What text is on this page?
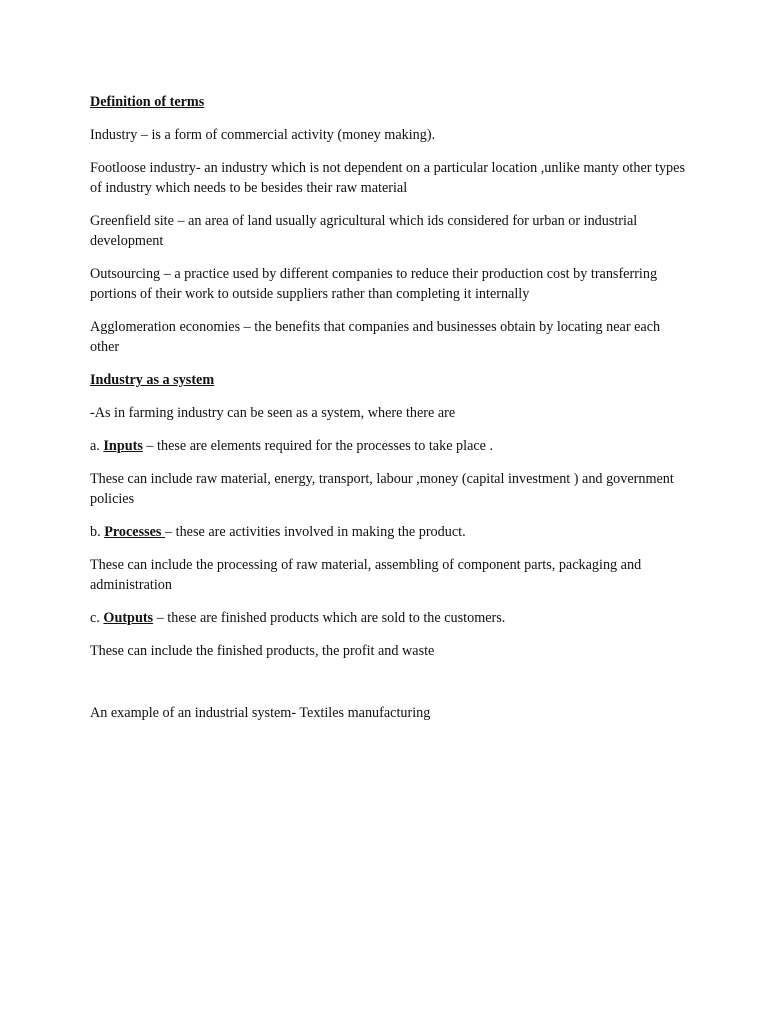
Definition of terms

Industry – is a form of commercial activity (money making).

Footloose industry- an industry which is not dependent on a particular location ,unlike manty other types of industry which needs to be besides their raw material

Greenfield site – an area of land usually agricultural which ids considered for urban or industrial development

Outsourcing – a practice used by different companies to reduce their production cost by transferring portions of their work to outside suppliers rather than completing it internally

Agglomeration economies – the benefits that companies and businesses obtain by locating near each other

Industry as a system

-As in farming industry can be seen as a system, where there are

a. Inputs – these are elements required for the processes to take place .

These can include raw material, energy, transport, labour ,money (capital investment ) and government policies

b. Processes – these are activities involved in making the product.

These can include the processing of raw material, assembling of component parts, packaging and administration

c. Outputs – these are finished products which are sold to the customers.

These can include the finished products, the profit and waste

An example of an industrial system- Textiles manufacturing
